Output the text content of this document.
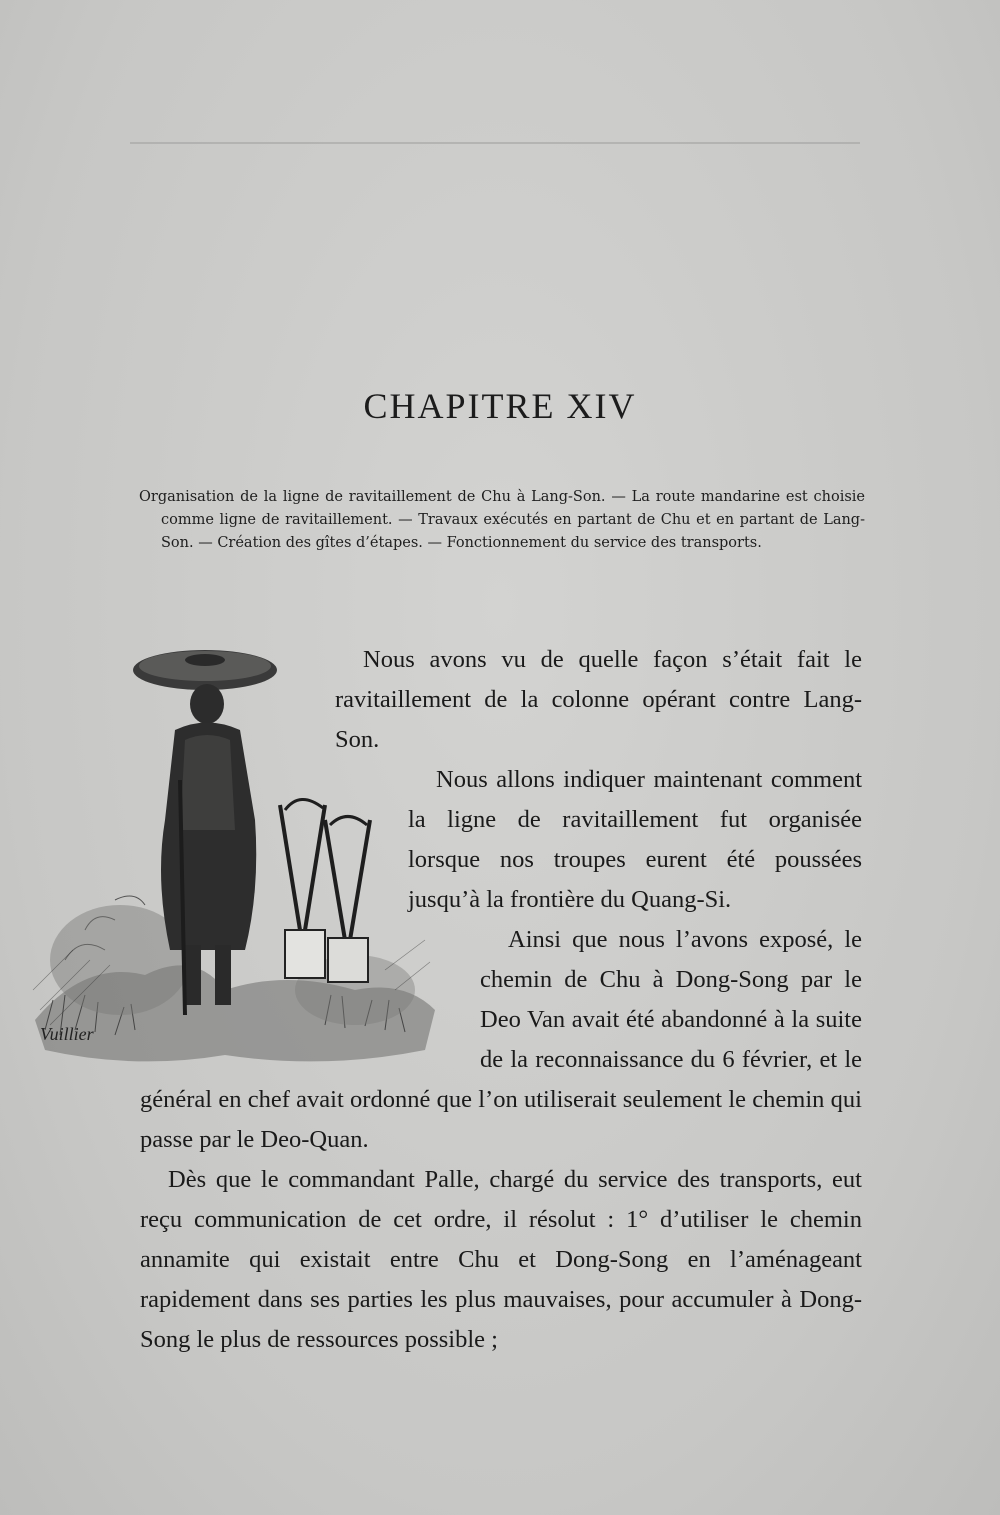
CHAPITRE XIV

Organisation de la ligne de ravitaillement de Chu à Lang-Son. — La route mandarine est choisie comme ligne de ravitaillement. — Travaux exécutés en partant de Chu et en partant de Lang-Son. — Création des gîtes d’étapes. — Fonctionnement du service des transports.

Vuillier

Nous avons vu de quelle façon s’était fait le ravitaillement de la colonne opérant contre Lang-Son.

Nous allons indiquer maintenant comment la ligne de ravitaillement fut organisée lorsque nos troupes eurent été poussées jusqu’à la frontière du Quang-Si.

Ainsi que nous l’avons exposé, le chemin de Chu à Dong-Song par le Deo Van avait été abandonné à la suite de la reconnaissance du 6 février, et le général en chef avait ordonné que l’on utiliserait seulement le chemin qui passe par le Deo-Quan.

Dès que le commandant Palle, chargé du service des transports, eut reçu communication de cet ordre, il résolut : 1° d’utiliser le chemin annamite qui existait entre Chu et Dong-Song en l’aménageant rapidement dans ses parties les plus mauvaises, pour accumuler à Dong-Song le plus de ressources possible ;
